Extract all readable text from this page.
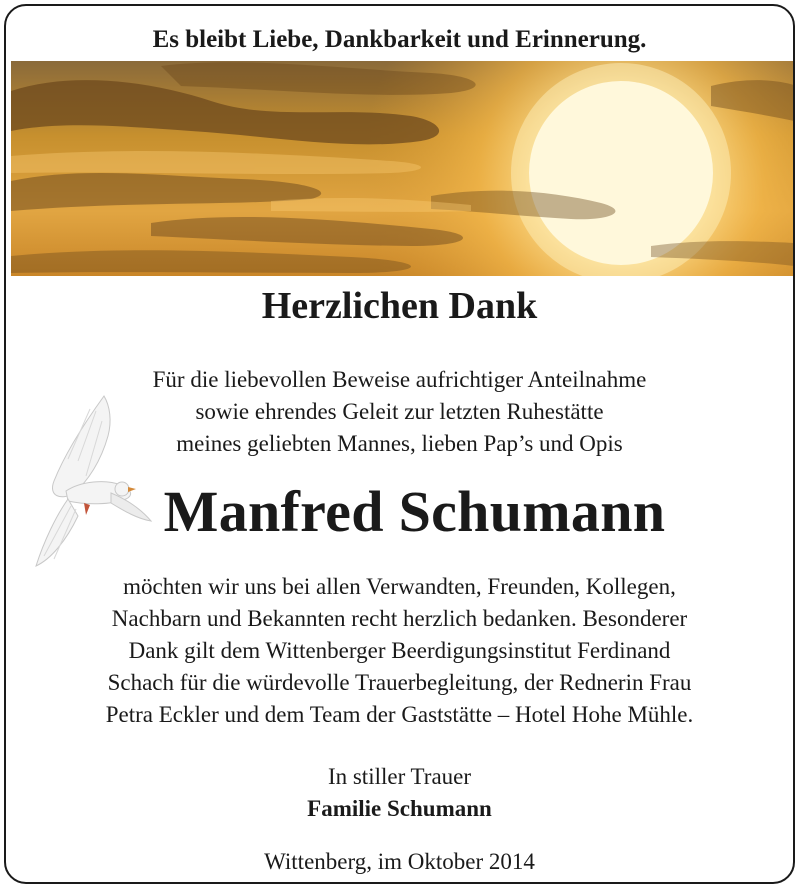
Es bleibt Liebe, Dankbarkeit und Erinnerung.
Herzlichen Dank
Für die liebevollen Beweise aufrichtiger Anteilnahme
sowie ehrendes Geleit zur letzten Ruhestätte
meines geliebten Mannes, lieben Pap’s und Opis
Manfred Schumann
möchten wir uns bei allen Verwandten, Freunden, Kollegen,
Nachbarn und Bekannten recht herzlich bedanken. Besonderer
Dank gilt dem Wittenberger Beerdigungsinstitut Ferdinand
Schach für die würdevolle Trauerbegleitung, der Rednerin Frau
Petra Eckler und dem Team der Gaststätte – Hotel Hohe Mühle.
In stiller Trauer
Familie Schumann
Wittenberg, im Oktober 2014
